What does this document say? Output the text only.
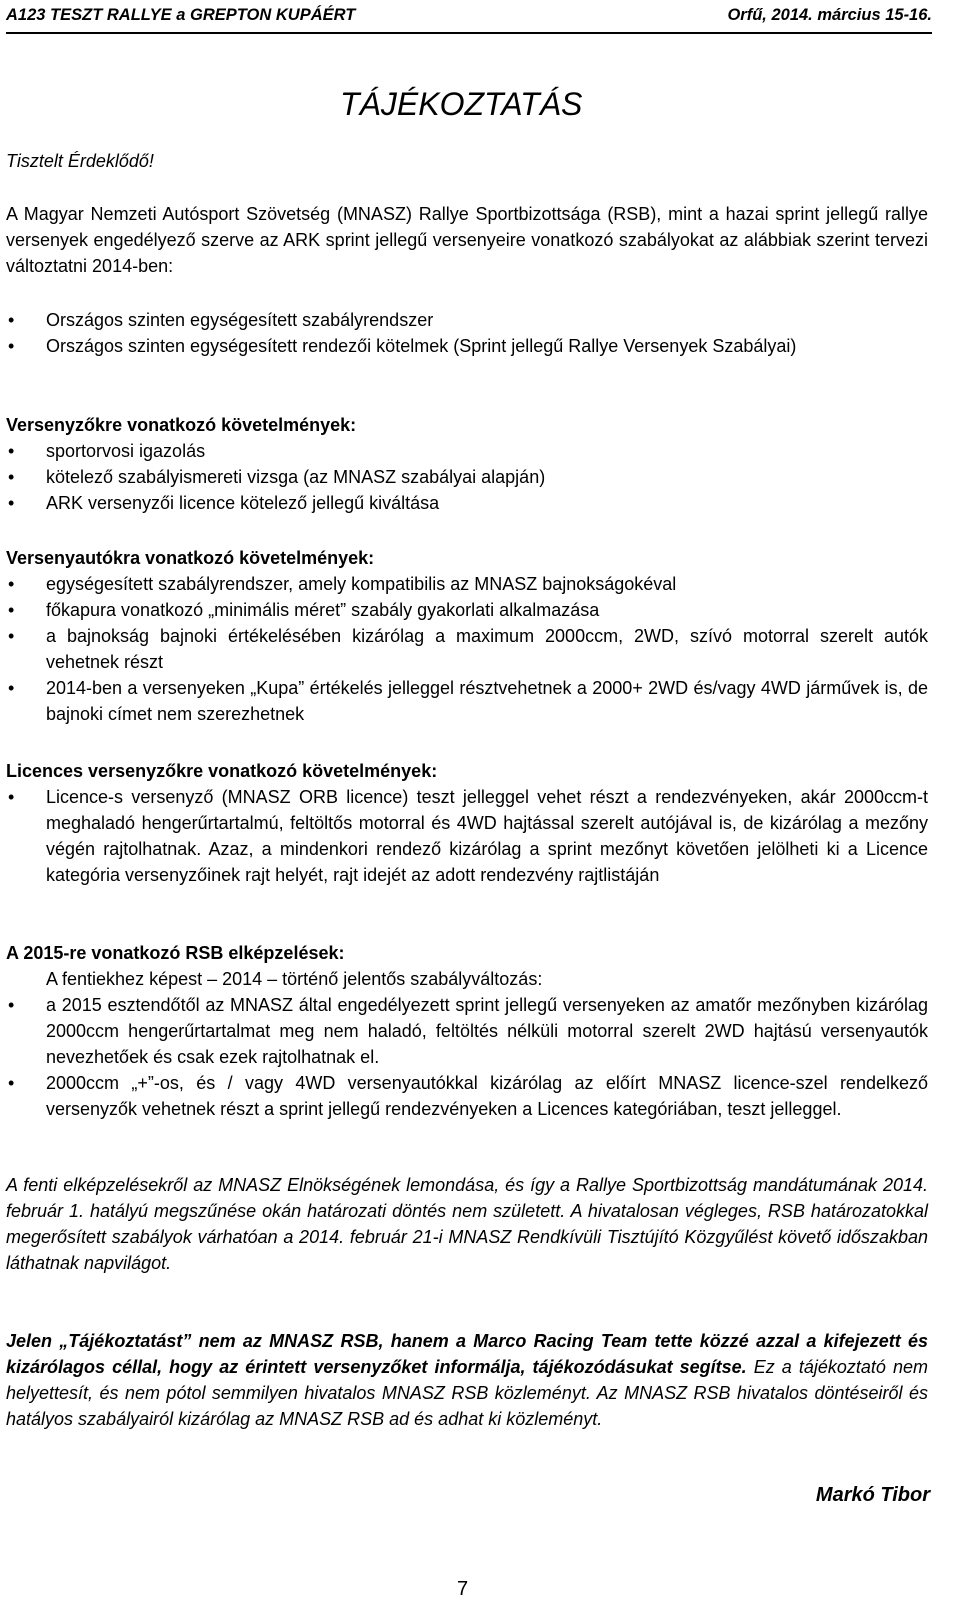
A123 TESZT RALLYE a GREPTON KUPÁÉRT	Orfű, 2014. március 15-16.
TÁJÉKOZTATÁS
Tisztelt Érdeklődő!
A Magyar Nemzeti Autósport Szövetség (MNASZ) Rallye Sportbizottsága (RSB), mint a hazai sprint jellegű rallye versenyek engedélyező szerve az ARK sprint jellegű versenyeire vonatkozó szabályokat az alábbiak szerint tervezi változtatni 2014-ben:
•	Országos szinten egységesített szabályrendszer
•	Országos szinten egységesített rendezői kötelmek (Sprint jellegű Rallye Versenyek Szabályai)

Versenyzőkre vonatkozó követelmények:

•	sportorvosi igazolás
•	kötelező szabályismereti vizsga (az MNASZ szabályai alapján)
•	ARK versenyzői licence kötelező jellegű kiváltása

Versenyautókra vonatkozó követelmények:

•	egységesített szabályrendszer, amely kompatibilis az MNASZ bajnokságokéval
•	főkapura vonatkozó „minimális méret” szabály gyakorlati alkalmazása
•	a bajnokság bajnoki értékelésében kizárólag a maximum 2000ccm, 2WD, szívó motorral szerelt autók vehetnek részt
•	2014-ben a versenyeken „Kupa” értékelés jelleggel résztvehetnek a 2000+ 2WD és/vagy 4WD járművek is, de bajnoki címet nem szerezhetnek

Licences versenyzőkre vonatkozó követelmények:

•	Licence-s versenyző (MNASZ ORB licence) teszt jelleggel vehet részt a rendezvényeken, akár 2000ccm-t meghaladó hengerűrtartalmú, feltöltős motorral és 4WD hajtással szerelt autójával is, de kizárólag a mezőny végén rajtolhatnak. Azaz, a mindenkori rendező kizárólag a sprint mezőnyt követően jelölheti ki a Licence kategória versenyzőinek rajt helyét, rajt idejét az adott rendezvény rajtlistáján

A 2015-re vonatkozó RSB elképzelések:

A fentiekhez képest – 2014 – történő jelentős szabályváltozás:

•	a 2015 esztendőtől az MNASZ által engedélyezett sprint jellegű versenyeken az amatőr mezőnyben kizárólag 2000ccm hengerűrtartalmat meg nem haladó, feltöltés nélküli motorral szerelt 2WD hajtású versenyautók nevezhetőek és csak ezek rajtolhatnak el.
•	2000ccm „+”-os, és / vagy 4WD versenyautókkal kizárólag az előírt MNASZ licence-szel rendelkező versenyzők vehetnek részt a sprint jellegű rendezvényeken a Licences kategóriában, teszt jelleggel.
A fenti elképzelésekről az MNASZ Elnökségének lemondása, és így a Rallye Sportbizottság mandátumának 2014. február 1. hatályú megszűnése okán határozati döntés nem született. A hivatalosan végleges, RSB határozatokkal megerősített szabályok várhatóan a 2014. február 21-i MNASZ Rendkívüli Tisztújító Közgyűlést követő időszakban láthatnak napvilágot.
Jelen „Tájékoztatást” nem az MNASZ RSB, hanem a Marco Racing Team tette közzé azzal a kifejezett és kizárólagos céllal, hogy az érintett versenyzőket informálja, tájékozódásukat segítse. Ez a tájékoztató nem helyettesít, és nem pótol semmilyen hivatalos MNASZ RSB közleményt. Az MNASZ RSB hivatalos döntéseiről és hatályos szabályairól kizárólag az MNASZ RSB ad és adhat ki közleményt.
Markó Tibor
7
